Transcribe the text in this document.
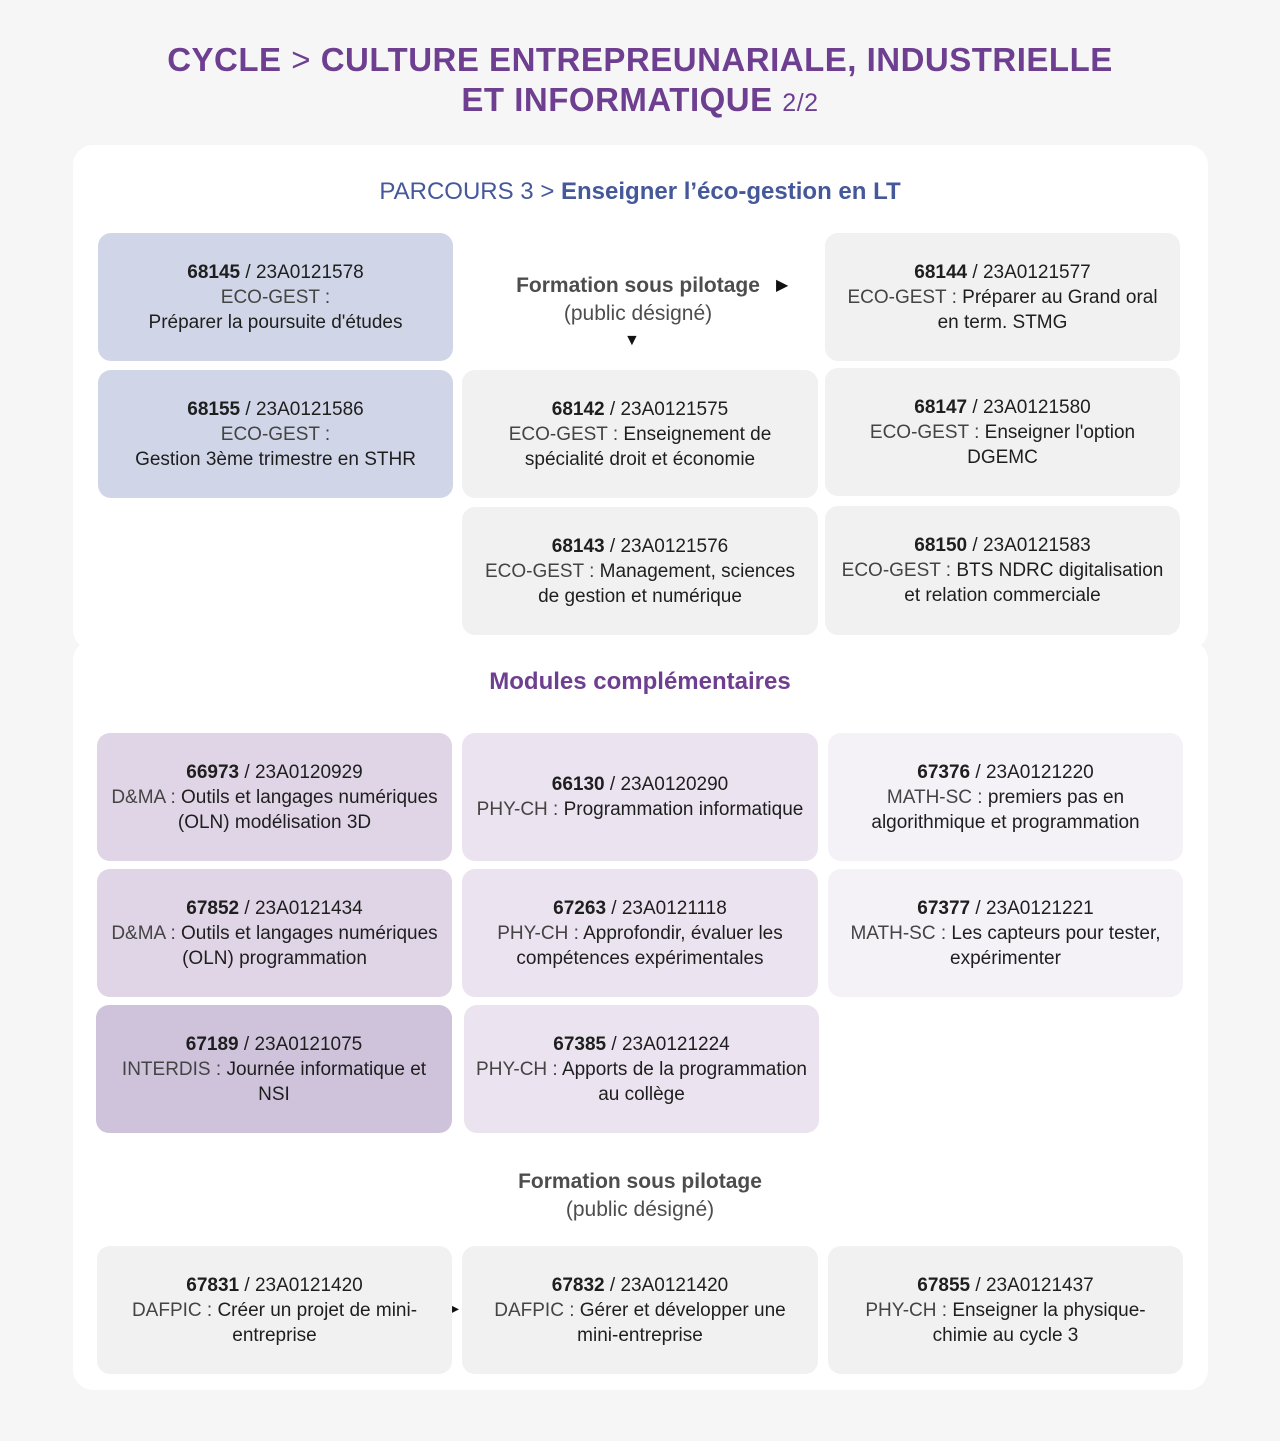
CYCLE > CULTURE ENTREPREUNARIALE, INDUSTRIELLE
ET INFORMATIQUE 2/2
PARCOURS 3 > Enseigner l’éco-gestion en LT
Formation sous pilotage
(public désigné)
▶
▼
68145 / 23A0121578
ECO-GEST :
Préparer la poursuite d'études
68155 / 23A0121586
ECO-GEST :
Gestion 3ème trimestre en STHR
68144 / 23A0121577
ECO-GEST : Préparer au Grand oral en term. STMG
68142 / 23A0121575
ECO-GEST : Enseignement de spécialité droit et économie
68147 / 23A0121580
ECO-GEST : Enseigner l'option DGEMC
68143 / 23A0121576
ECO-GEST : Management, sciences de gestion et numérique
68150 / 23A0121583
ECO-GEST : BTS NDRC digitalisation et relation commerciale
Modules complémentaires
66973 / 23A0120929
D&MA : Outils et langages numériques (OLN) modélisation 3D
66130 / 23A0120290
PHY-CH : Programmation informatique
67376 / 23A0121220
MATH-SC : premiers pas en algorithmique et programmation
67852 / 23A0121434
D&MA : Outils et langages numériques (OLN) programmation
67263 / 23A0121118
PHY-CH : Approfondir, évaluer les compétences expérimentales
67377 / 23A0121221
MATH-SC : Les capteurs pour tester, expérimenter
67189 / 23A0121075
INTERDIS : Journée informatique et NSI
67385 / 23A0121224
PHY-CH : Apports de la programmation au collège
Formation sous pilotage
(public désigné)
67831 / 23A0121420
DAFPIC : Créer un projet de mini-entreprise
▸
67832 / 23A0121420
DAFPIC : Gérer et développer une mini-entreprise
67855 / 23A0121437
PHY-CH : Enseigner la physique-chimie au cycle 3
